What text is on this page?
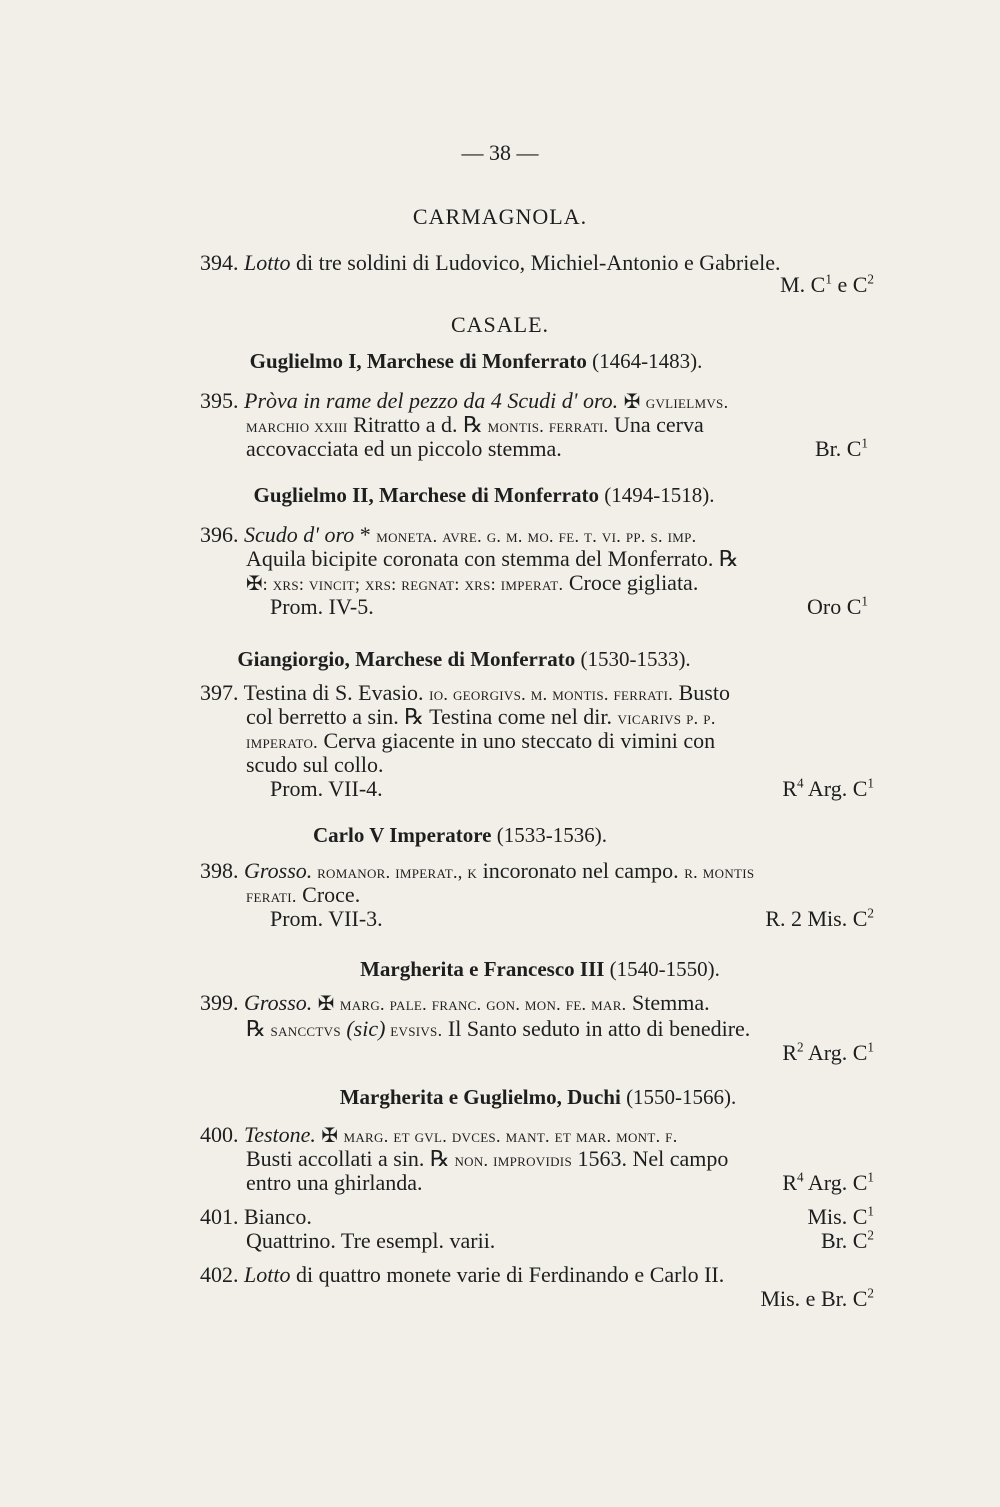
— 38 —
CARMAGNOLA.
394. Lotto di tre soldini di Ludovico, Michiel-Antonio e Gabriele.
M. $C^1$ e $C^2$
CASALE.
Guglielmo I, Marchese di Monferrato (1464-1483).
395. Pròva in rame del pezzo da 4 Scudi d' oro. ✠ gvlielmvs.
marchio xxiii Ritratto a d. ℞ montis. ferrati. Una cerva
accovacciata ed un piccolo stemma.	Br. $C^1$
Guglielmo II, Marchese di Monferrato (1494-1518).
396. Scudo d' oro * moneta. avre. g. m. mo. fe. t. vi. pp. s. imp.
Aquila bicipite coronata con stemma del Monferrato. ℞
✠: xrs: vincit; xrs: regnat: xrs: imperat. Croce gigliata.
Prom. IV-5.	Oro $C^1$
Giangiorgio, Marchese di Monferrato (1530-1533).
397. Testina di S. Evasio. io. georgivs. m. montis. ferrati. Busto
col berretto a sin. ℞ Testina come nel dir. vicarivs p. p.
imperato. Cerva giacente in uno steccato di vimini con
scudo sul collo.
Prom. VII-4.	$R^4$ Arg. $C^1$
Carlo V Imperatore (1533-1536).
398. Grosso. romanor. imperat., k incoronato nel campo. r. montis
ferati. Croce.
Prom. VII-3.	R. 2 Mis. $C^2$
Margherita e Francesco III (1540-1550).
399. Grosso. ✠ marg. pale. franc. gon. mon. fe. mar. Stemma.
℞ sancctvs (sic) evsivs. Il Santo seduto in atto di benedire.
$R^2$ Arg. $C^1$
Margherita e Guglielmo, Duchi (1550-1566).
400. Testone. ✠ marg. et gvl. dvces. mant. et mar. mont. f.
Busti accollati a sin. ℞ non. improvidis 1563. Nel campo
entro una ghirlanda.	$R^4$ Arg. $C^1$
401. Bianco.	Mis. $C^1$
Quattrino. Tre esempl. varii.	Br. $C^2$
402. Lotto di quattro monete varie di Ferdinando e Carlo II.
Mis. e Br. $C^2$
